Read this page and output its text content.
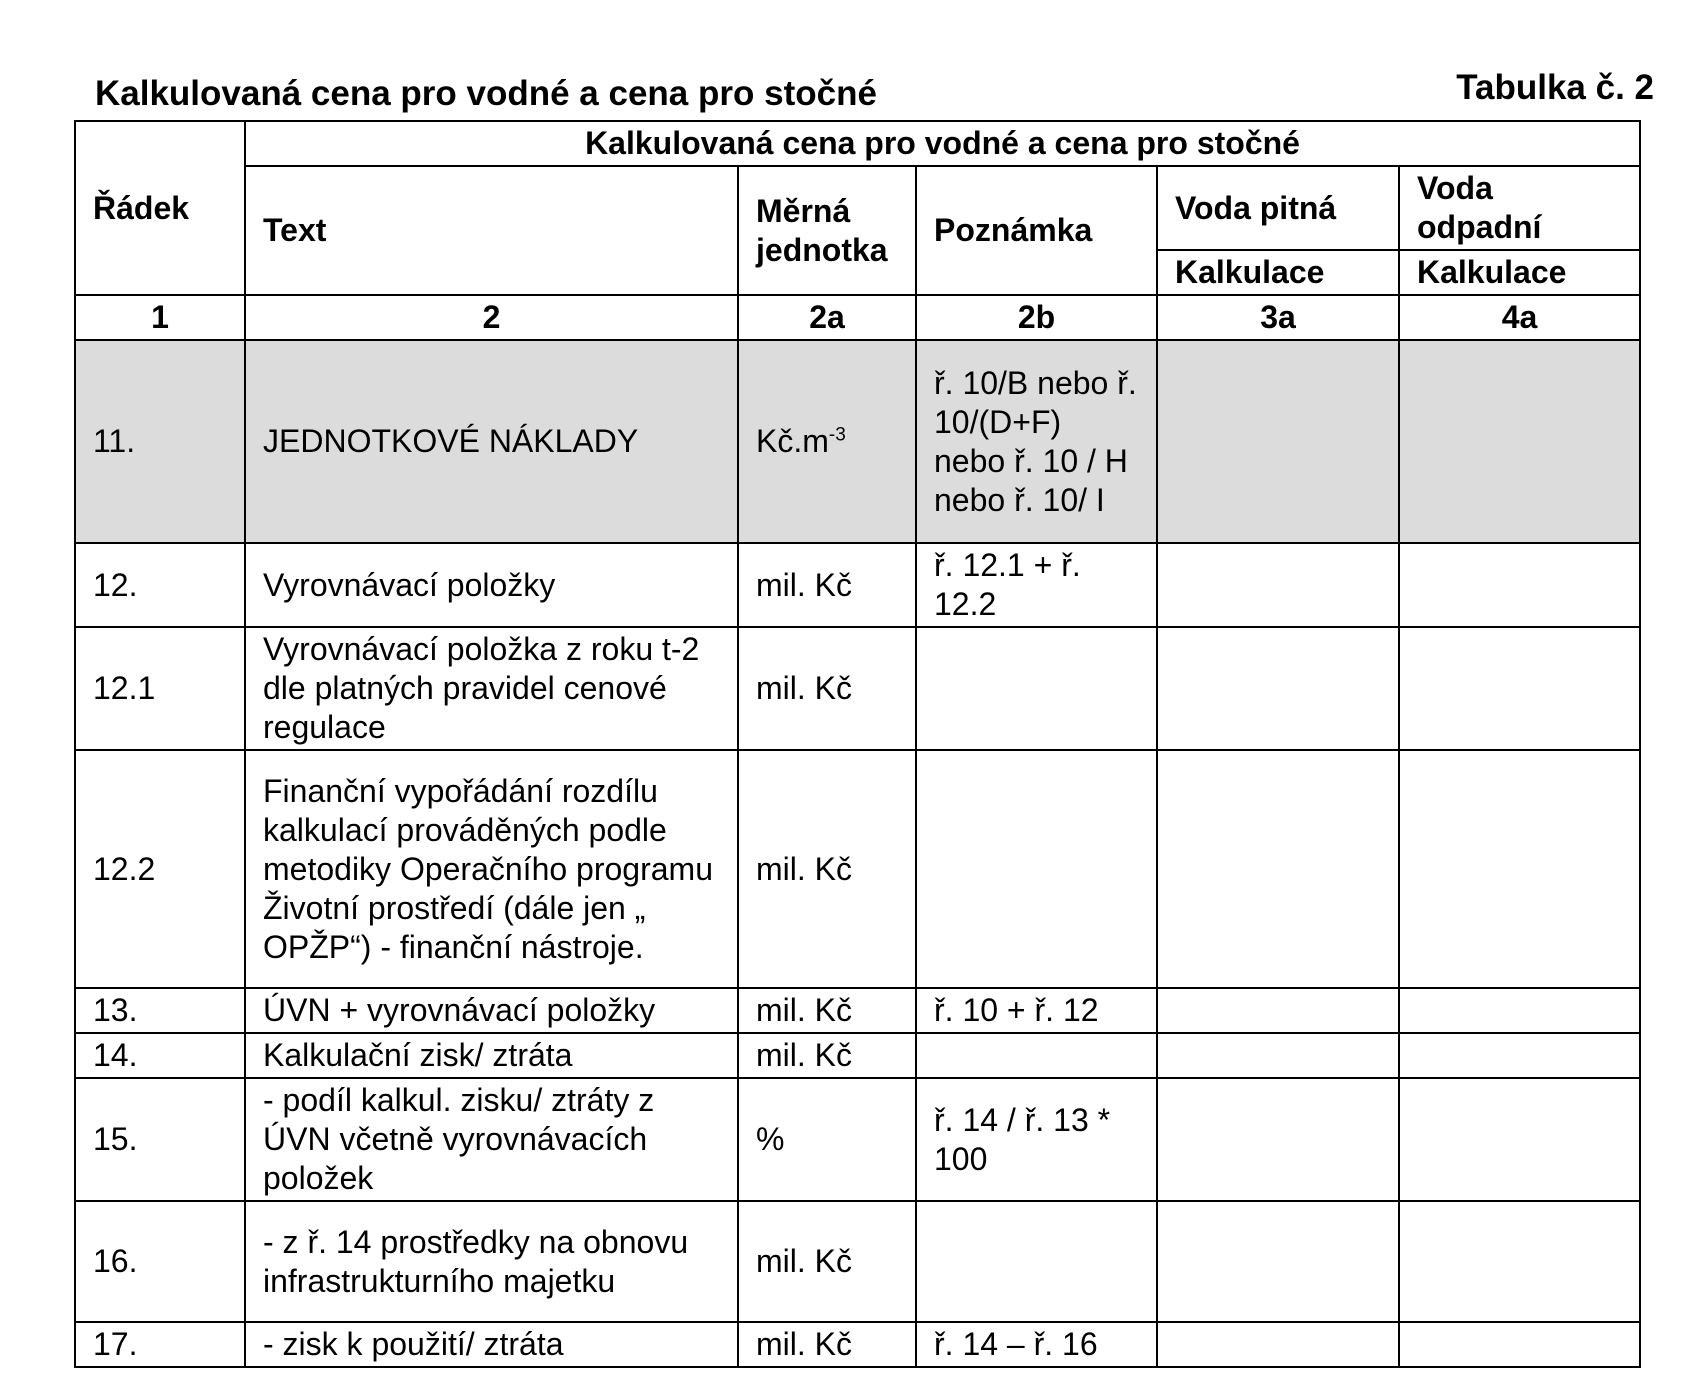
Kalkulovaná cena pro vodné a cena pro stočné	Tabulka č. 2
Řádek	Kalkulovaná cena pro vodné a cena pro stočné				
	Text	Měrná jednotka	Poznámka	Voda pitná	Voda odpadní
				Kalkulace	Kalkulace
1	2	2a	2b	3a	4a
11.	JEDNOTKOVÉ NÁKLADY	$Kč.m^{-3}$	ř. 10/B nebo ř. 10/(D+F) nebo ř. 10 / H nebo ř. 10/ I		
12.	Vyrovnávací položky	mil. Kč	ř. 12.1 + ř. 12.2		
12.1	Vyrovnávací položka z roku t-2 dle platných pravidel cenové regulace	mil. Kč			
12.2	Finanční vypořádání rozdílu kalkulací prováděných podle metodiky Operačního programu Životní prostředí (dále jen „ OPŽP“) - finanční nástroje.	mil. Kč			
13.	ÚVN + vyrovnávací položky	mil. Kč	ř. 10 + ř. 12		
14.	Kalkulační zisk/ ztráta	mil. Kč			
15.	- podíl kalkul. zisku/ ztráty z ÚVN včetně vyrovnávacích položek	%	ř. 14 / ř. 13 * 100		
16.	- z ř. 14 prostředky na obnovu infrastrukturního majetku	mil. Kč			
17.	- zisk k použití/ ztráta	mil. Kč	ř. 14 – ř. 16		
